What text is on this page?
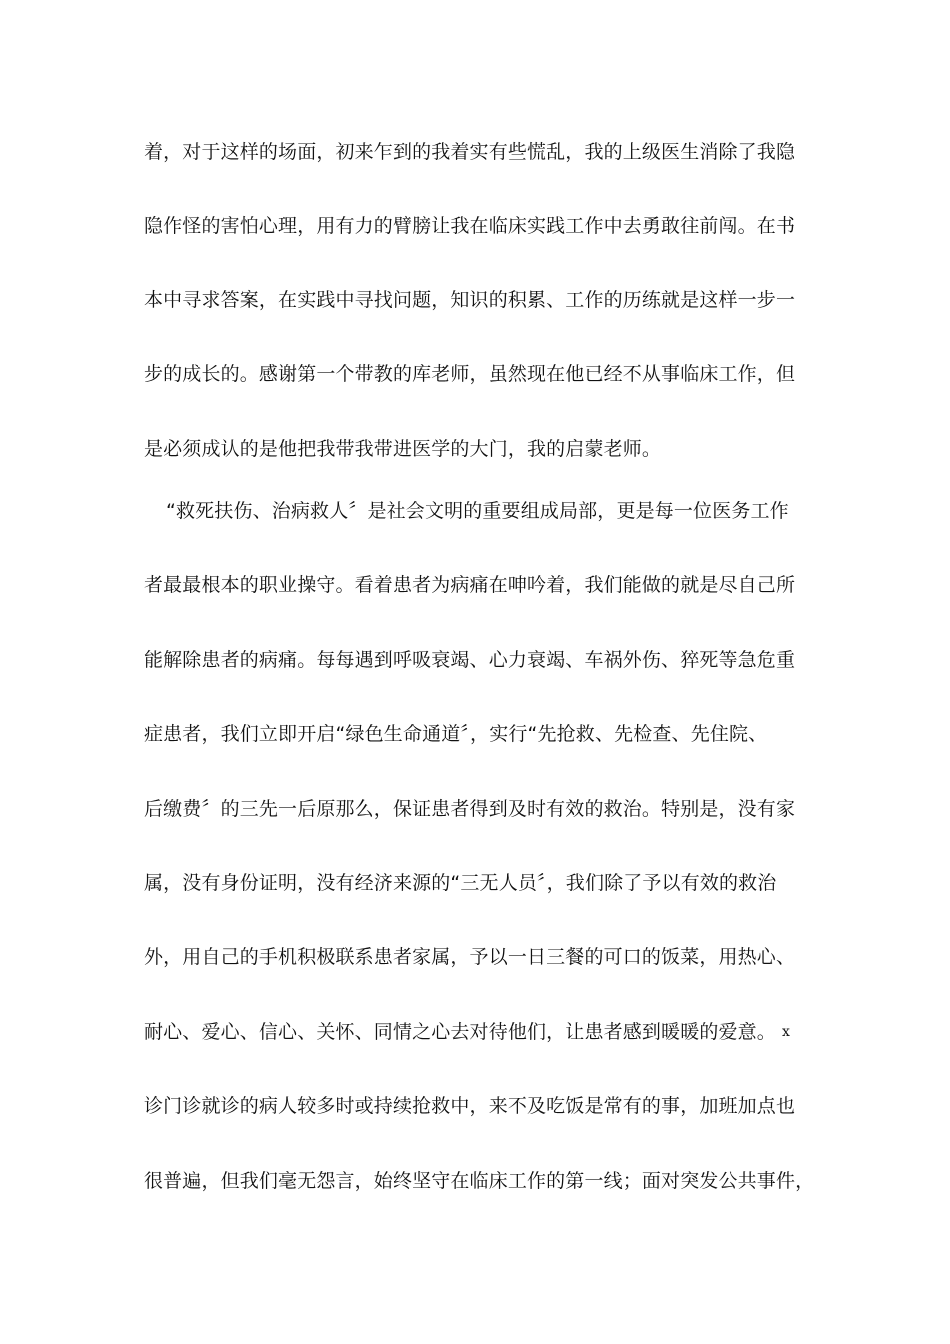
着，对于这样的场面，初来乍到的我着实有些慌乱，我的上级医生消除了我隐
隐作怪的害怕心理，用有力的臂膀让我在临床实践工作中去勇敢往前闯。在书
本中寻求答案，在实践中寻找问题，知识的积累、工作的历练就是这样一步一
步的成长的。感谢第一个带教的库老师，虽然现在他已经不从事临床工作，但
是必须成认的是他把我带我带进医学的大门，我的启蒙老师。
“救死扶伤、治病救人〞是社会文明的重要组成局部，更是每一位医务工作
者最最根本的职业操守。看着患者为病痛在呻吟着，我们能做的就是尽自己所
能解除患者的病痛。每每遇到呼吸衰竭、心力衰竭、车祸外伤、猝死等急危重
症患者，我们立即开启“绿色生命通道〞，实行“先抢救、先检查、先住院、
后缴费〞的三先一后原那么，保证患者得到及时有效的救治。特别是，没有家
属，没有身份证明，没有经济来源的“三无人员〞，我们除了予以有效的救治
外，用自己的手机积极联系患者家属，予以一日三餐的可口的饭菜，用热心、
耐心、爱心、信心、关怀、同情之心去对待他们，让患者感到暖暖的爱意。 x
诊门诊就诊的病人较多时或持续抢救中，来不及吃饭是常有的事，加班加点也
很普遍，但我们毫无怨言，始终坚守在临床工作的第一线；面对突发公共事件，
